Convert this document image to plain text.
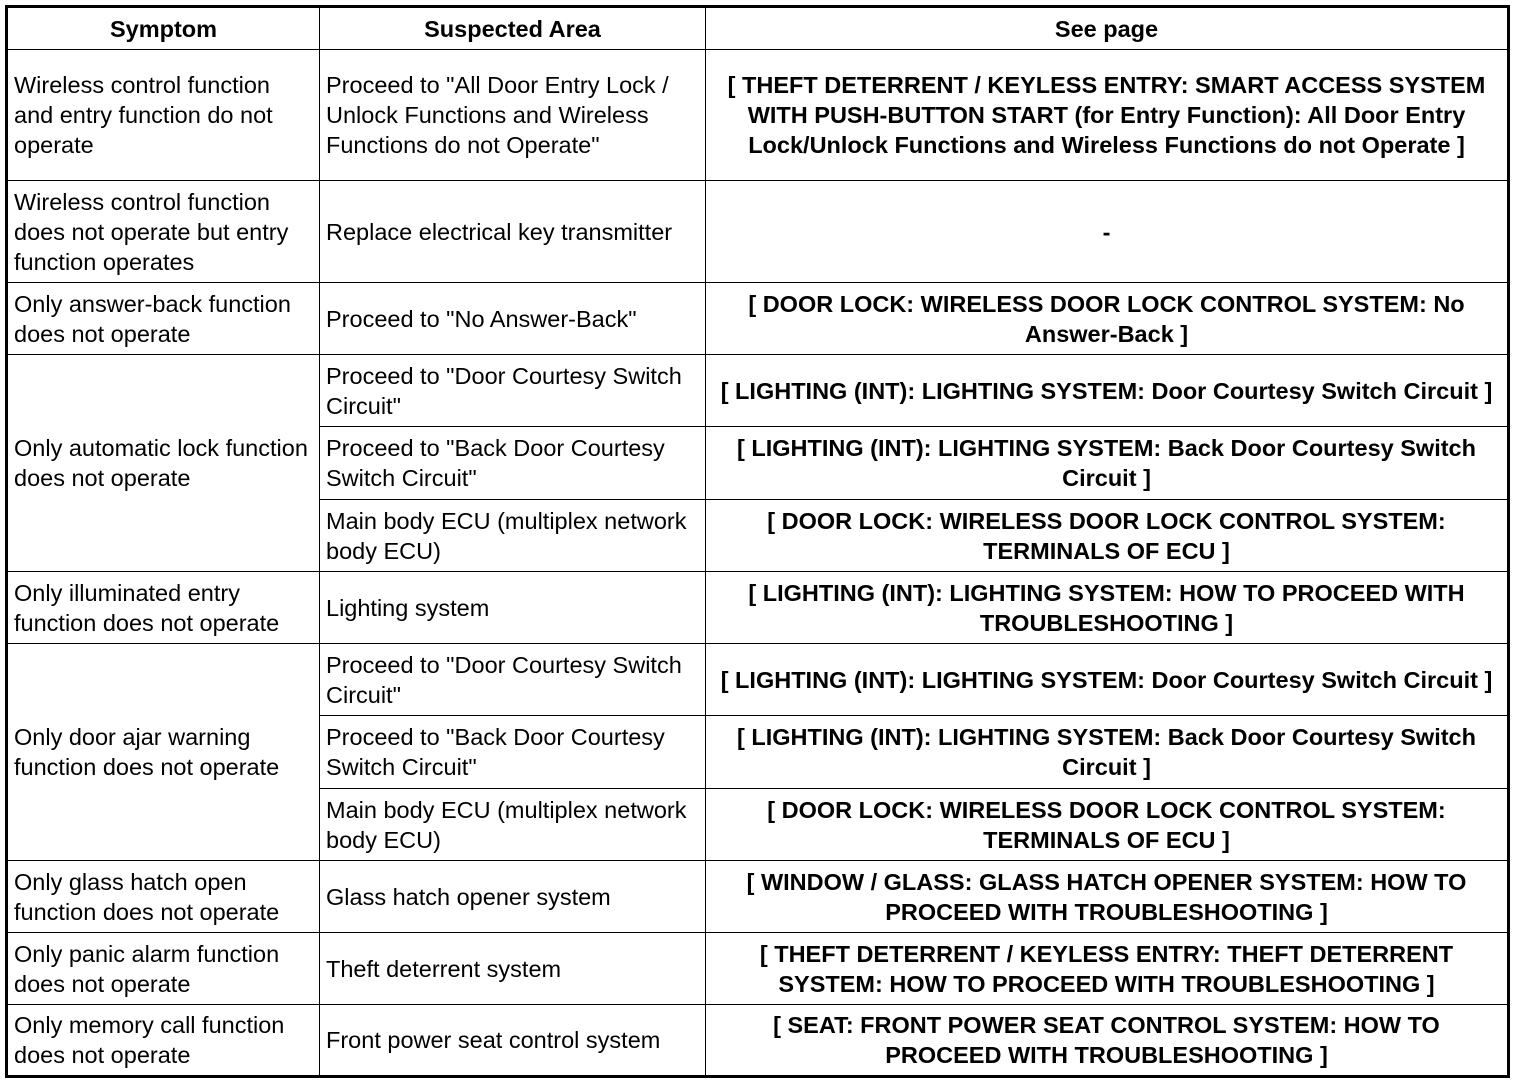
Symptom	Suspected Area	See page
Wireless control function and entry function do not operate	Proceed to "All Door Entry Lock / Unlock Functions and Wireless Functions do not Operate"	[ THEFT DETERRENT / KEYLESS ENTRY: SMART ACCESS SYSTEM WITH PUSH-BUTTON START (for Entry Function): All Door Entry Lock/Unlock Functions and Wireless Functions do not Operate ]
Wireless control function does not operate but entry function operates	Replace electrical key transmitter	-
Only answer-back function does not operate	Proceed to "No Answer-Back"	[ DOOR LOCK: WIRELESS DOOR LOCK CONTROL SYSTEM: No Answer-Back ]
Only automatic lock function does not operate	Proceed to "Door Courtesy Switch Circuit"	[ LIGHTING (INT): LIGHTING SYSTEM: Door Courtesy Switch Circuit ]
	Proceed to "Back Door Courtesy Switch Circuit"	[ LIGHTING (INT): LIGHTING SYSTEM: Back Door Courtesy Switch Circuit ]
	Main body ECU (multiplex network body ECU)	[ DOOR LOCK: WIRELESS DOOR LOCK CONTROL SYSTEM: TERMINALS OF ECU ]
Only illuminated entry function does not operate	Lighting system	[ LIGHTING (INT): LIGHTING SYSTEM: HOW TO PROCEED WITH TROUBLESHOOTING ]
Only door ajar warning function does not operate	Proceed to "Door Courtesy Switch Circuit"	[ LIGHTING (INT): LIGHTING SYSTEM: Door Courtesy Switch Circuit ]
	Proceed to "Back Door Courtesy Switch Circuit"	[ LIGHTING (INT): LIGHTING SYSTEM: Back Door Courtesy Switch Circuit ]
	Main body ECU (multiplex network body ECU)	[ DOOR LOCK: WIRELESS DOOR LOCK CONTROL SYSTEM: TERMINALS OF ECU ]
Only glass hatch open function does not operate	Glass hatch opener system	[ WINDOW / GLASS: GLASS HATCH OPENER SYSTEM: HOW TO PROCEED WITH TROUBLESHOOTING ]
Only panic alarm function does not operate	Theft deterrent system	[ THEFT DETERRENT / KEYLESS ENTRY: THEFT DETERRENT SYSTEM: HOW TO PROCEED WITH TROUBLESHOOTING ]
Only memory call function does not operate	Front power seat control system	[ SEAT: FRONT POWER SEAT CONTROL SYSTEM: HOW TO PROCEED WITH TROUBLESHOOTING ]
